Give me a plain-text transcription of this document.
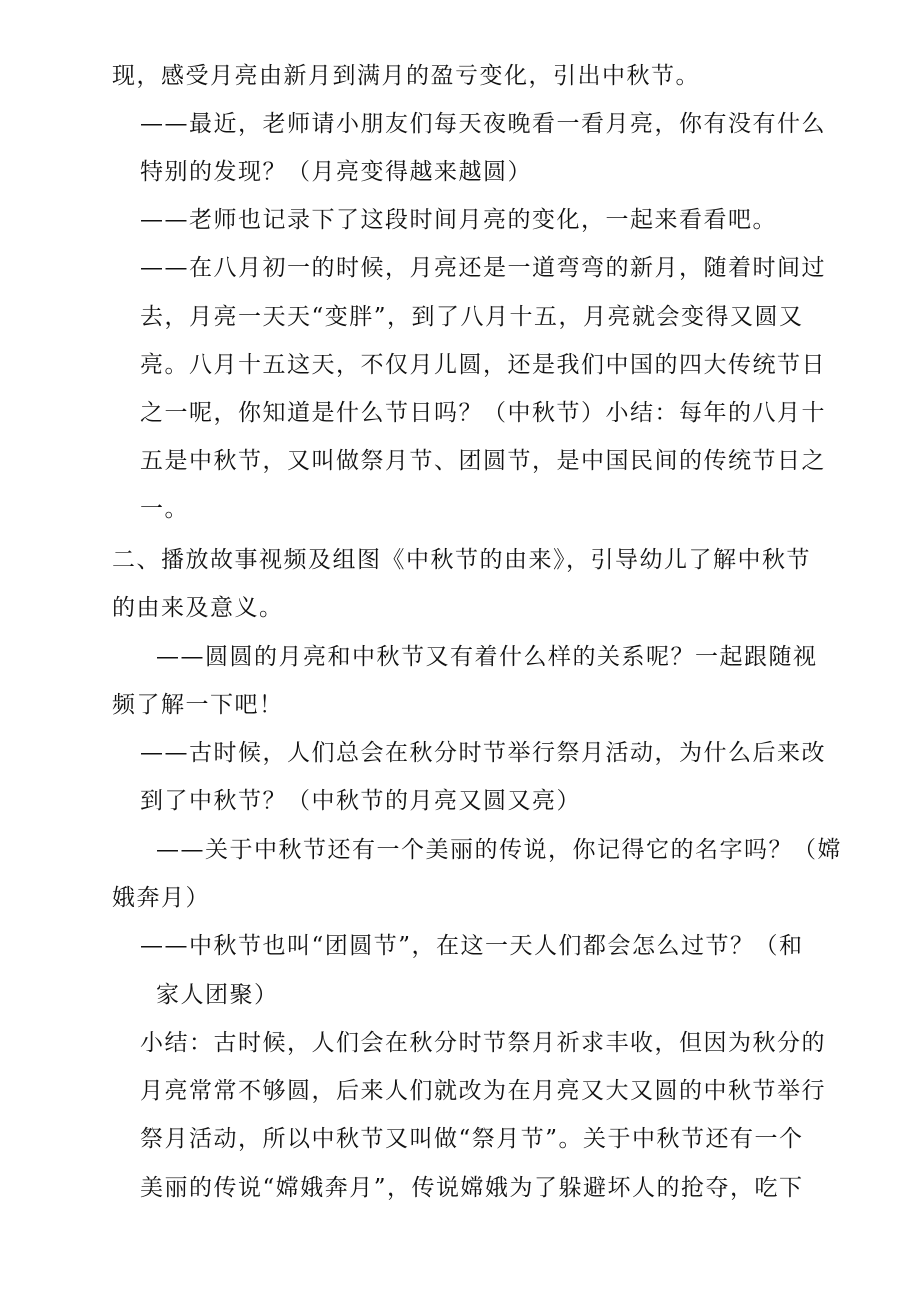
现，感受月亮由新月到满月的盈亏变化，引出中秋节。
——最近，老师请小朋友们每天夜晚看一看月亮，你有没有什么
特别的发现？（月亮变得越来越圆）
——老师也记录下了这段时间月亮的变化，一起来看看吧。
——在八月初一的时候，月亮还是一道弯弯的新月，随着时间过
去，月亮一天天“变胖”，到了八月十五，月亮就会变得又圆又
亮。八月十五这天，不仅月儿圆，还是我们中国的四大传统节日
之一呢，你知道是什么节日吗？（中秋节）小结：每年的八月十
五是中秋节，又叫做祭月节、团圆节，是中国民间的传统节日之
一。
二、播放故事视频及组图《中秋节的由来》，引导幼儿了解中秋节
的由来及意义。
——圆圆的月亮和中秋节又有着什么样的关系呢？一起跟随视
频了解一下吧！
——古时候，人们总会在秋分时节举行祭月活动，为什么后来改
到了中秋节？（中秋节的月亮又圆又亮）
——关于中秋节还有一个美丽的传说，你记得它的名字吗？（嫦
娥奔月）
——中秋节也叫“团圆节”，在这一天人们都会怎么过节？（和
家人团聚）
小结：古时候，人们会在秋分时节祭月祈求丰收，但因为秋分的
月亮常常不够圆，后来人们就改为在月亮又大又圆的中秋节举行
祭月活动，所以中秋节又叫做“祭月节”。关于中秋节还有一个
美丽的传说“嫦娥奔月”，传说嫦娥为了躲避坏人的抢夺，吃下
